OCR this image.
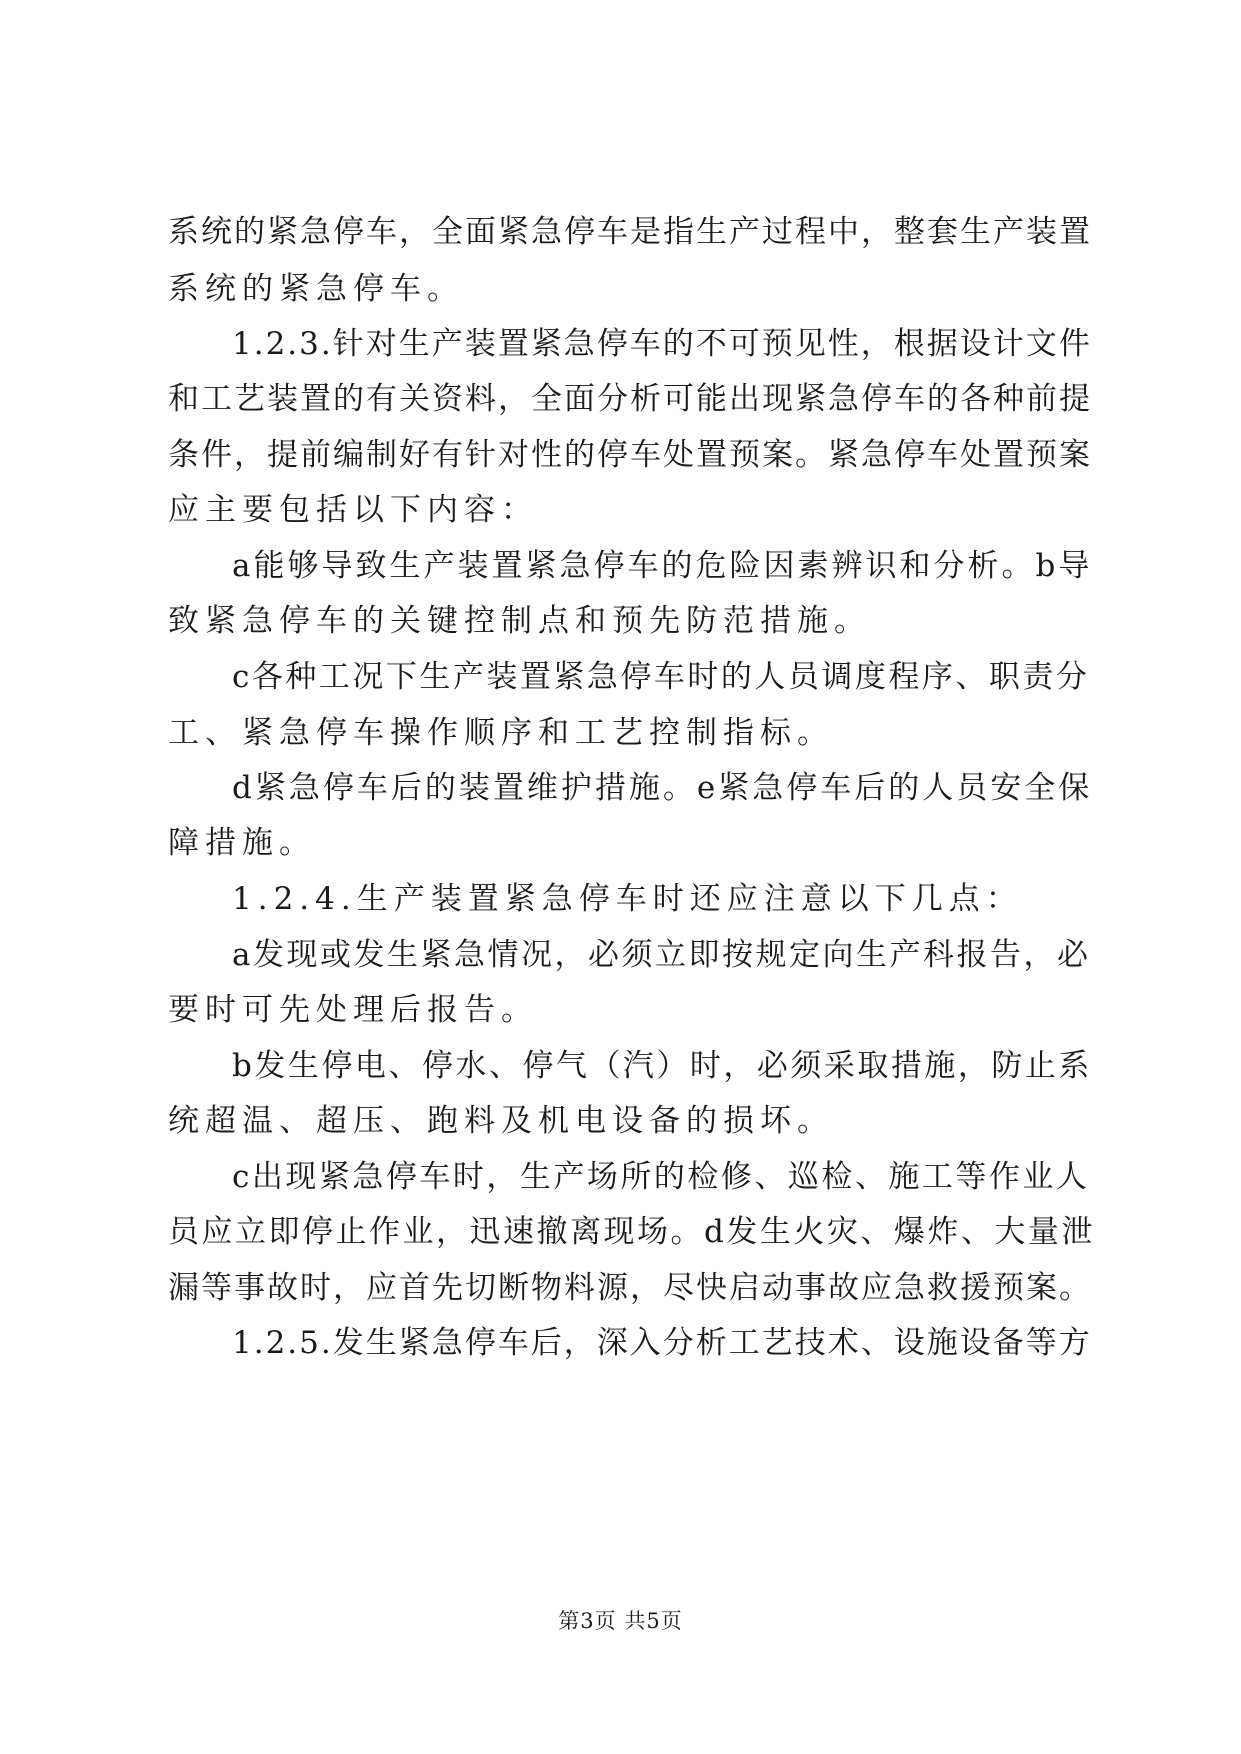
系统的紧急停车，全面紧急停车是指生产过程中，整套生产装置
系统的紧急停车。
1.2.3.针对生产装置紧急停车的不可预见性，根据设计文件
和工艺装置的有关资料，全面分析可能出现紧急停车的各种前提
条件，提前编制好有针对性的停车处置预案。紧急停车处置预案
应主要包括以下内容：
a能够导致生产装置紧急停车的危险因素辨识和分析。b导
致紧急停车的关键控制点和预先防范措施。
c各种工况下生产装置紧急停车时的人员调度程序、职责分
工、紧急停车操作顺序和工艺控制指标。
d紧急停车后的装置维护措施。e紧急停车后的人员安全保
障措施。
1.2.4.生产装置紧急停车时还应注意以下几点：
a发现或发生紧急情况，必须立即按规定向生产科报告，必
要时可先处理后报告。
b发生停电、停水、停气（汽）时，必须采取措施，防止系
统超温、超压、跑料及机电设备的损坏。
c出现紧急停车时，生产场所的检修、巡检、施工等作业人
员应立即停止作业，迅速撤离现场。d发生火灾、爆炸、大量泄
漏等事故时，应首先切断物料源，尽快启动事故应急救援预案。
1.2.5.发生紧急停车后，深入分析工艺技术、设施设备等方
第3页 共5页
